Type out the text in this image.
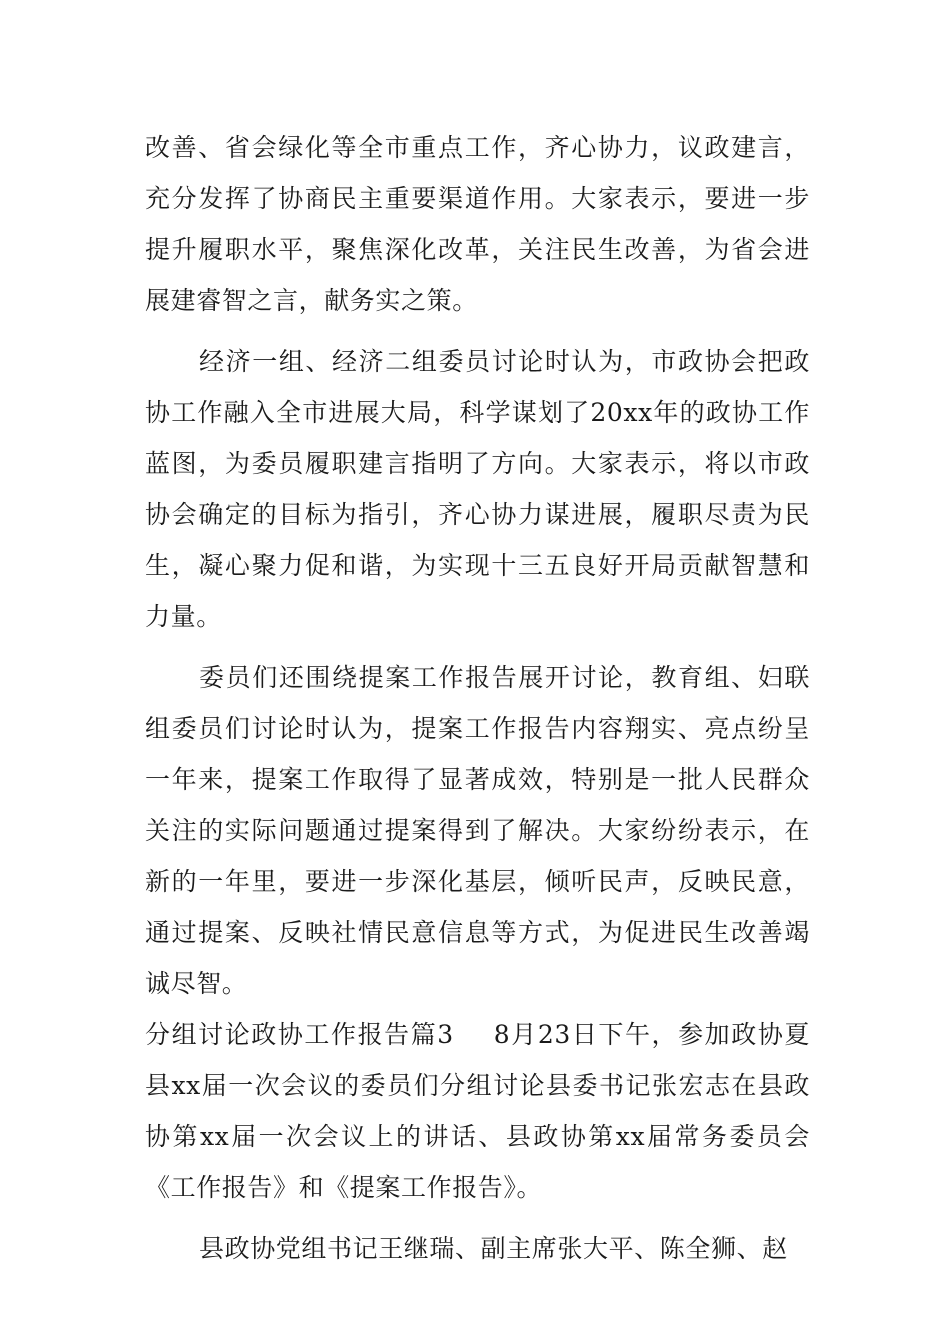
改善、省会绿化等全市重点工作，齐心协力，议政建言，充分发挥了协商民主重要渠道作用。大家表示，要进一步提升履职水平，聚焦深化改革，关注民生改善，为省会进展建睿智之言，献务实之策。

经济一组、经济二组委员讨论时认为，市政协会把政协工作融入全市进展大局，科学谋划了20xx年的政协工作蓝图，为委员履职建言指明了方向。大家表示，将以市政协会确定的目标为指引，齐心协力谋进展，履职尽责为民生，凝心聚力促和谐，为实现十三五良好开局贡献智慧和力量。

委员们还围绕提案工作报告展开讨论，教育组、妇联组委员们讨论时认为，提案工作报告内容翔实、亮点纷呈一年来，提案工作取得了显著成效，特别是一批人民群众关注的实际问题通过提案得到了解决。大家纷纷表示，在新的一年里，要进一步深化基层，倾听民声，反映民意，通过提案、反映社情民意信息等方式，为促进民生改善竭诚尽智。

分组讨论政协工作报告篇3 8月23日下午，参加政协夏县xx届一次会议的委员们分组讨论县委书记张宏志在县政协第xx届一次会议上的讲话、县政协第xx届常务委员会《工作报告》和《提案工作报告》。

县政协党组书记王继瑞、副主席张大平、陈全狮、赵
